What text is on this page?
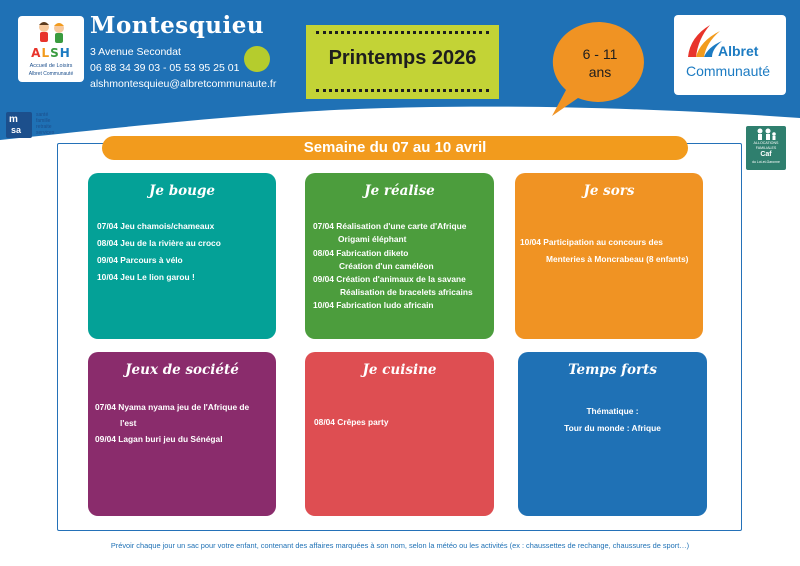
ALSH
Accueil de Loisirs
Albret Communauté
Montesquieu
3 Avenue Secondat
06 88 34 39 03 - 05 53 95 25 01
alshmontesquieu@albretcommunaute.fr
Printemps 2026	6 - 11
ans
Albret
Communauté
m
sa
santé
famille
retraite
services
ALLOCATIONS
FAMILIALES
Caf
du Lot-et-Garonne
Semaine du 07 au 10 avril
Je bouge
07/04 Jeu chamois/chameaux
08/04 Jeu de la rivière au croco
09/04 Parcours à vélo
10/04 Jeu Le lion garou !
Je réalise
07/04 Réalisation d'une carte d'Afrique
Origami éléphant
08/04 Fabrication diketo
Création d'un caméléon
09/04 Création d'animaux de la savane
Réalisation de bracelets africains
10/04 Fabrication ludo africain
Je sors
10/04 Participation au concours des
Menteries à Moncrabeau (8 enfants)
Jeux de société
07/04 Nyama nyama jeu de l'Afrique de
l'est
09/04 Lagan buri jeu du Sénégal
Je cuisine
08/04 Crêpes party
Temps forts
Thématique :
Tour du monde : Afrique
Prévoir chaque jour un sac pour votre enfant, contenant des affaires marquées à son nom, selon la météo ou les activités (ex : chaussettes de rechange, chaussures de sport…)
